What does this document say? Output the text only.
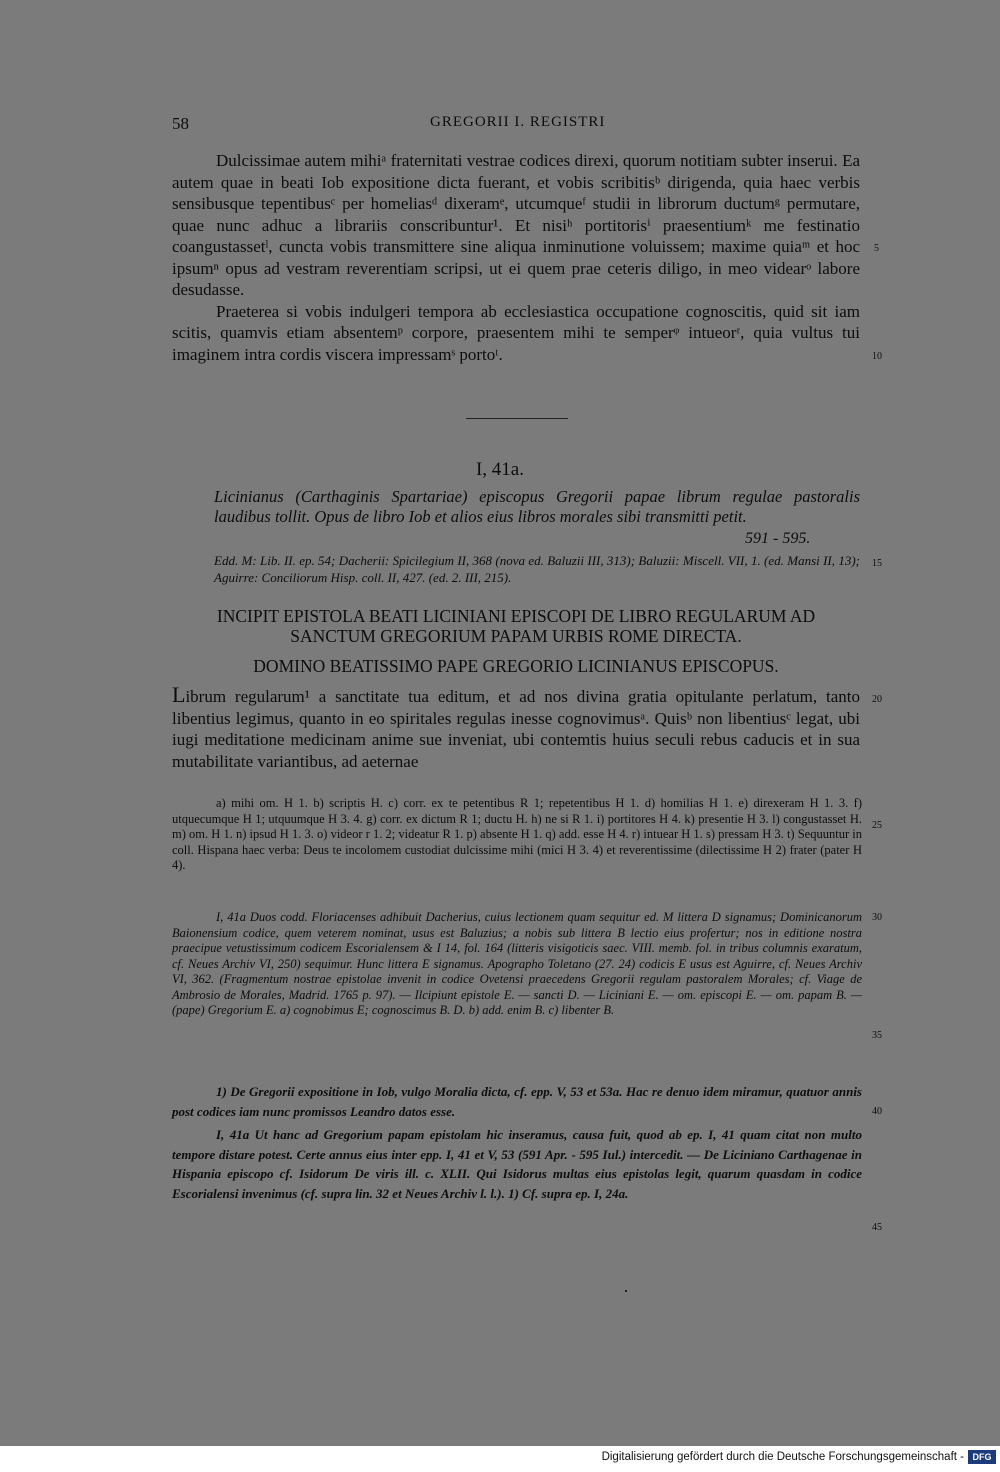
58	GREGORII I. REGISTRI

Dulcissimae autem mihiᵃ fraternitati vestrae codices direxi, quorum notitiam subter inserui. Ea autem quae in beati Iob expositione dicta fuerant, et vobis scribitisᵇ dirigenda, quia haec verbis sensibusque tepentibusᶜ per homeliasᵈ dixeramᵉ, utcumqueᶠ studii in librorum ductumᵍ permutare, quae nunc adhuc a librariis conscribuntur¹. Et nisiʰ portitorisⁱ praesentiumᵏ me festinatio coangustassetˡ, cuncta vobis transmittere sine aliqua inminutione voluissem; maxime quiaᵐ et hoc ipsumⁿ opus ad vestram reverentiam scripsi, ut ei quem prae ceteris diligo, in meo videarᵒ labore desudasse.

Praeterea si vobis indulgeri tempora ab ecclesiastica occupatione cognoscitis, quid sit iam scitis, quamvis etiam absentemᵖ corpore, praesentem mihi te semperᵠ intueorʳ, quia vultus tui imaginem intra cordis viscera impressamˢ portoᵗ.

5
10
I, 41a.
Licinianus (Carthaginis Spartariae) episcopus Gregorii papae librum regulae pastoralis laudibus tollit. Opus de libro Iob et alios eius libros morales sibi transmitti petit.
591 - 595.
Edd. M: Lib. II. ep. 54; Dacherii: Spicilegium II, 368 (nova ed. Baluzii III, 313); Baluzii: Miscell. VII, 1. (ed. Mansi II, 13); Aguirre: Conciliorum Hisp. coll. II, 427. (ed. 2. III, 215).
15
INCIPIT EPISTOLA BEATI LICINIANI EPISCOPI DE LIBRO REGULARUM AD SANCTUM GREGORIUM PAPAM URBIS ROME DIRECTA.
DOMINO BEATISSIMO PAPE GREGORIO LICINIANUS EPISCOPUS.
Librum regularum¹ a sanctitate tua editum, et ad nos divina gratia opitulante perlatum, tanto libentius legimus, quanto in eo spiritales regulas inesse cognovimusᵃ. Quisᵇ non libentiusᶜ legat, ubi iugi meditatione medicinam anime sue inveniat, ubi contemtis huius seculi rebus caducis et in sua mutabilitate variantibus, ad aeternae
20

a) mihi om. H 1. b) scriptis H. c) corr. ex te petentibus R 1; repetentibus H 1. d) homilias H 1. e) direxeram H 1. 3. f) utquecumque H 1; utquumque H 3. 4. g) corr. ex dictum R 1; ductu H. h) ne si R 1. i) portitores H 4. k) presentie H 3. l) congustasset H. m) om. H 1. n) ipsud H 1. 3. o) videor r 1. 2; videatur R 1. p) absente H 1. q) add. esse H 4. r) intuear H 1. s) pressam H 3. t) Sequuntur in coll. Hispana haec verba: Deus te incolomem custodiat dulcissime mihi (mici H 3. 4) et reverentissime (dilectissime H 2) frater (pater H 4).

25

I, 41a Duos codd. Floriacenses adhibuit Dacherius, cuius lectionem quam sequitur ed. M littera D signamus; Dominicanorum Baionensium codice, quem veterem nominat, usus est Baluzius; a nobis sub littera B lectio eius profertur; nos in editione nostra praecipue vetustissimum codicem Escorialensem & I 14, fol. 164 (litteris visigoticis saec. VIII. memb. fol. in tribus columnis exaratum, cf. Neues Archiv VI, 250) sequimur. Hunc littera E signamus. Apographo Toletano (27. 24) codicis E usus est Aguirre, cf. Neues Archiv VI, 362. (Fragmentum nostrae epistolae invenit in codice Ovetensi praecedens Gregorii regulam pastoralem Morales; cf. Viage de Ambrosio de Morales, Madrid. 1765 p. 97). — Ilcipiunt epistole E. — sancti D. — Liciniani E. — om. episcopi E. — om. papam B. — (pape) Gregorium E. a) cognobimus E; cognoscimus B. D. b) add. enim B. c) libenter B.

30
35

1) De Gregorii expositione in Iob, vulgo Moralia dicta, cf. epp. V, 53 et 53a. Hac re denuo idem miramur, quatuor annis post codices iam nunc promissos Leandro datos esse.

I, 41a Ut hanc ad Gregorium papam epistolam hic inseramus, causa fuit, quod ab ep. I, 41 quam citat non multo tempore distare potest. Certe annus eius inter epp. I, 41 et V, 53 (591 Apr. - 595 Iul.) intercedit. — De Liciniano Carthagenae in Hispania episcopo cf. Isidorum De viris ill. c. XLII. Qui Isidorus multas eius epistolas legit, quarum quasdam in codice Escorialensi invenimus (cf. supra lin. 32 et Neues Archiv l. l.). 1) Cf. supra ep. I, 24a.

40
45
Digitalisierung gefördert durch die Deutsche Forschungsgemeinschaft - DFG
